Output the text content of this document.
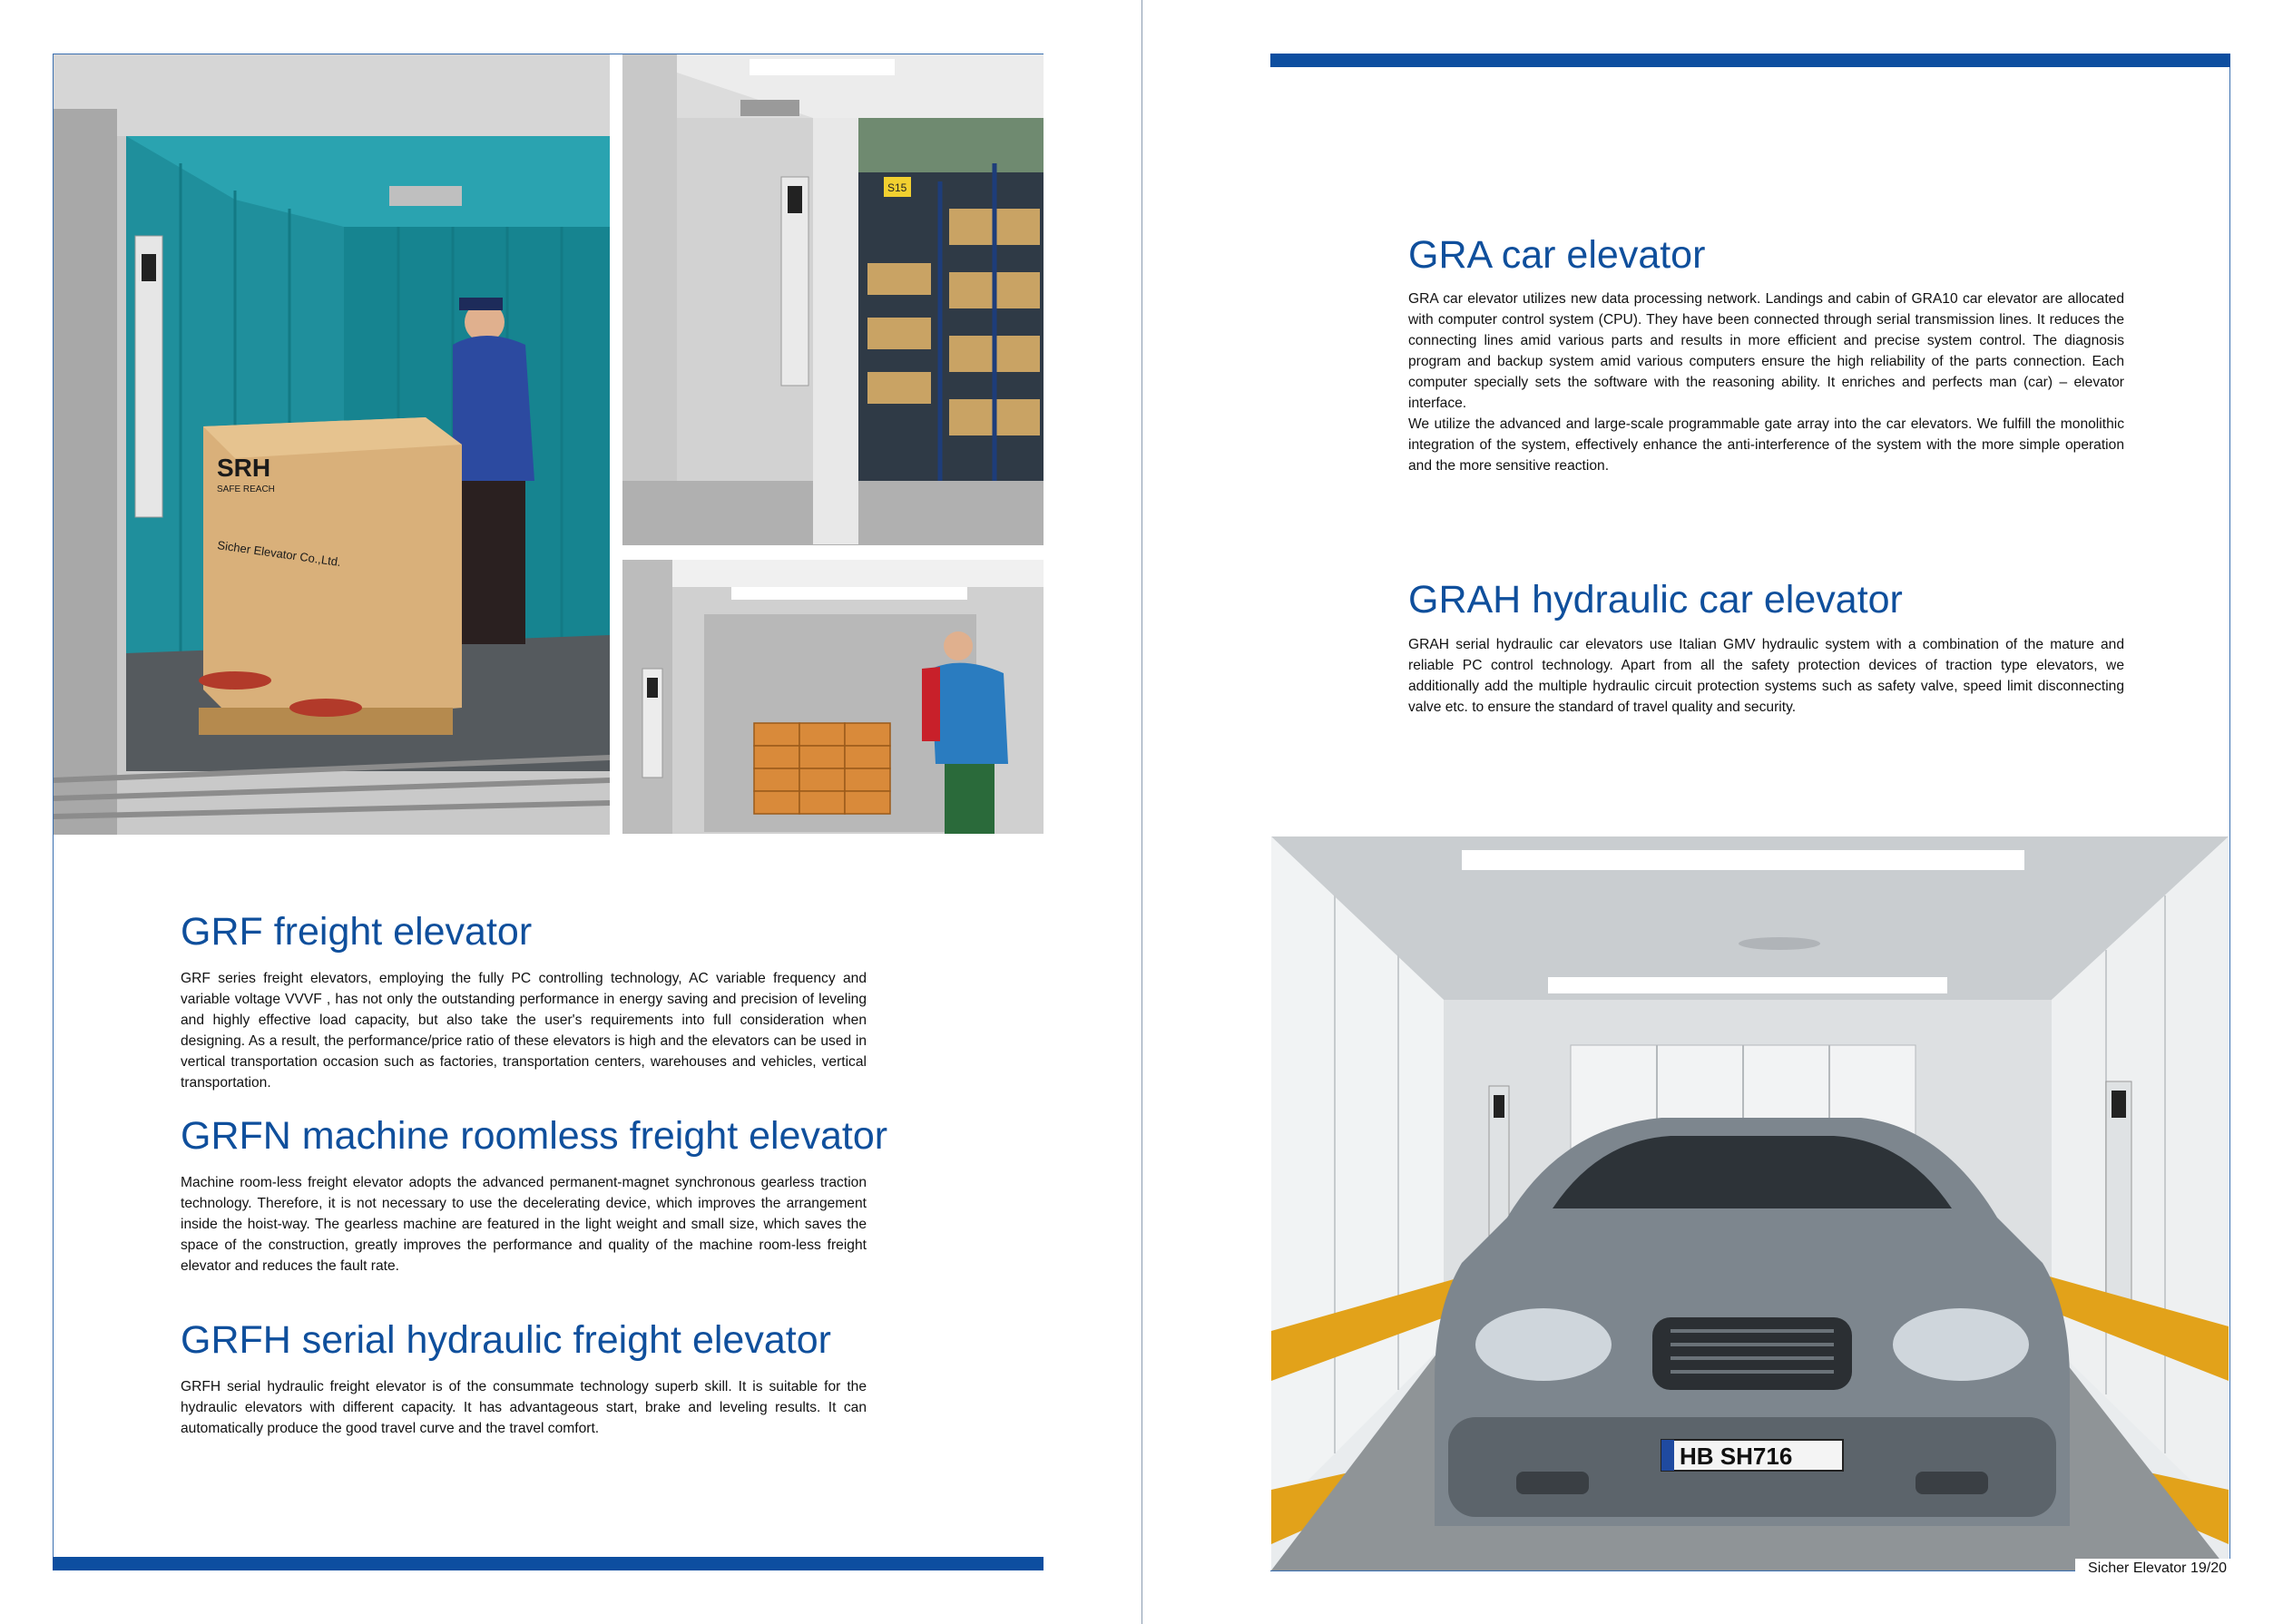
SRH
SAFE REACH
Sicher Elevator Co.,Ltd.
S15
GRF freight elevator

GRF series freight elevators, employing the fully PC controlling technology, AC variable frequency and variable voltage VVVF , has not only the outstanding performance in energy saving and precision of leveling and highly effective load capacity, but also take the user's requirements into full consideration when designing. As a result, the performance/price ratio of these elevators is high and the elevators can be used in vertical transportation occasion such as factories, transportation centers, warehouses and vehicles, vertical transportation.

GRFN machine roomless freight elevator

Machine room-less freight elevator adopts the advanced permanent-magnet synchronous gearless traction technology. Therefore, it is not necessary to use the decelerating device, which improves the arrangement inside the hoist-way. The gearless machine are featured in the light weight and small size, which saves the space of the construction, greatly improves the performance and quality of the machine room-less freight elevator and reduces the fault rate.

GRFH serial hydraulic freight elevator

GRFH serial hydraulic freight elevator is of the consummate technology superb skill. It is suitable for the hydraulic elevators with different capacity. It has advantageous start, brake and leveling results. It can automatically produce the good travel curve and the travel comfort.

GRA car elevator

GRA car elevator utilizes new data processing network. Landings and cabin of GRA10 car elevator are allocated with computer control system (CPU). They have been connected through serial transmission lines. It reduces the connecting lines amid various parts and results in more efficient and precise system control. The diagnosis program and backup system amid various computers ensure the high reliability of the parts connection. Each computer specially sets the software with the reasoning ability. It enriches and perfects man (car) – elevator interface.

We utilize the advanced and large-scale programmable gate array into the car elevators. We fulfill the monolithic integration of the system, effectively enhance the anti-interference of the system with the more simple operation and the more sensitive reaction.

GRAH hydraulic car elevator

GRAH serial hydraulic car elevators use Italian GMV hydraulic system with a combination of the mature and reliable PC control technology. Apart from all the safety protection devices of traction type elevators, we additionally add the multiple hydraulic circuit protection systems such as safety valve, speed limit disconnecting valve etc. to ensure the standard of travel quality and security.

HB SH716
Sicher Elevator 19/20
